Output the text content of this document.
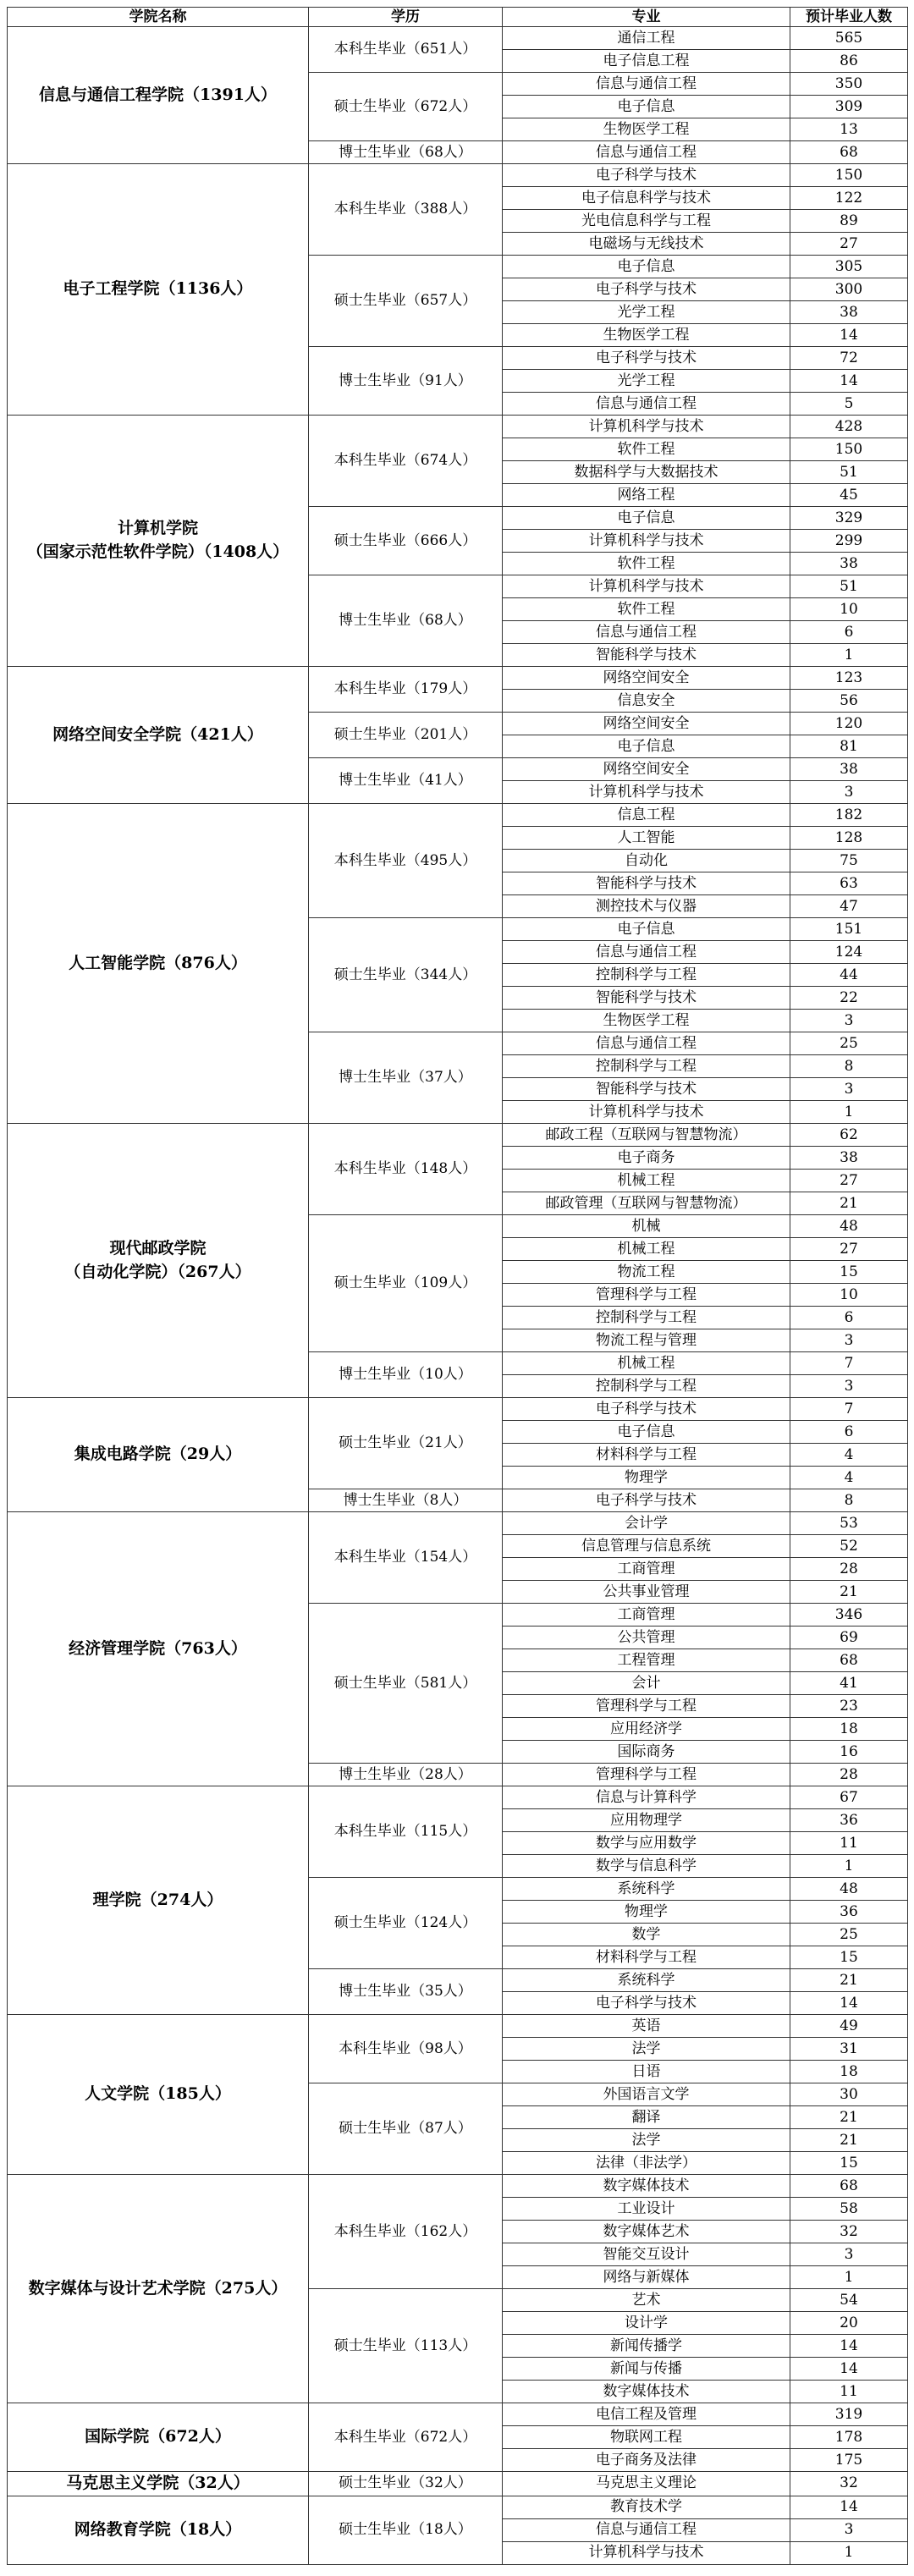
学院名称	学历	专业	预计毕业人数
信息与通信工程学院（1391人）	本科生毕业（651人）	通信工程	565
		电子信息工程	86
	硕士生毕业（672人）	信息与通信工程	350
		电子信息	309
		生物医学工程	13
	博士生毕业（68人）	信息与通信工程	68
电子工程学院（1136人）	本科生毕业（388人）	电子科学与技术	150
		电子信息科学与技术	122
		光电信息科学与工程	89
		电磁场与无线技术	27
	硕士生毕业（657人）	电子信息	305
		电子科学与技术	300
		光学工程	38
		生物医学工程	14
	博士生毕业（91人）	电子科学与技术	72
		光学工程	14
		信息与通信工程	5
计算机学院
（国家示范性软件学院）（1408人）	本科生毕业（674人）	计算机科学与技术	428
		软件工程	150
		数据科学与大数据技术	51
		网络工程	45
	硕士生毕业（666人）	电子信息	329
		计算机科学与技术	299
		软件工程	38
	博士生毕业（68人）	计算机科学与技术	51
		软件工程	10
		信息与通信工程	6
		智能科学与技术	1
网络空间安全学院（421人）	本科生毕业（179人）	网络空间安全	123
		信息安全	56
	硕士生毕业（201人）	网络空间安全	120
		电子信息	81
	博士生毕业（41人）	网络空间安全	38
		计算机科学与技术	3
人工智能学院（876人）	本科生毕业（495人）	信息工程	182
		人工智能	128
		自动化	75
		智能科学与技术	63
		测控技术与仪器	47
	硕士生毕业（344人）	电子信息	151
		信息与通信工程	124
		控制科学与工程	44
		智能科学与技术	22
		生物医学工程	3
	博士生毕业（37人）	信息与通信工程	25
		控制科学与工程	8
		智能科学与技术	3
		计算机科学与技术	1
现代邮政学院
（自动化学院）（267人）	本科生毕业（148人）	邮政工程（互联网与智慧物流）	62
		电子商务	38
		机械工程	27
		邮政管理（互联网与智慧物流）	21
	硕士生毕业（109人）	机械	48
		机械工程	27
		物流工程	15
		管理科学与工程	10
		控制科学与工程	6
		物流工程与管理	3
	博士生毕业（10人）	机械工程	7
		控制科学与工程	3
集成电路学院（29人）	硕士生毕业（21人）	电子科学与技术	7
		电子信息	6
		材料科学与工程	4
		物理学	4
	博士生毕业（8人）	电子科学与技术	8
经济管理学院（763人）	本科生毕业（154人）	会计学	53
		信息管理与信息系统	52
		工商管理	28
		公共事业管理	21
	硕士生毕业（581人）	工商管理	346
		公共管理	69
		工程管理	68
		会计	41
		管理科学与工程	23
		应用经济学	18
		国际商务	16
	博士生毕业（28人）	管理科学与工程	28
理学院（274人）	本科生毕业（115人）	信息与计算科学	67
		应用物理学	36
		数学与应用数学	11
		数学与信息科学	1
	硕士生毕业（124人）	系统科学	48
		物理学	36
		数学	25
		材料科学与工程	15
	博士生毕业（35人）	系统科学	21
		电子科学与技术	14
人文学院（185人）	本科生毕业（98人）	英语	49
		法学	31
		日语	18
	硕士生毕业（87人）	外国语言文学	30
		翻译	21
		法学	21
		法律（非法学）	15
数字媒体与设计艺术学院（275人）	本科生毕业（162人）	数字媒体技术	68
		工业设计	58
		数字媒体艺术	32
		智能交互设计	3
		网络与新媒体	1
	硕士生毕业（113人）	艺术	54
		设计学	20
		新闻传播学	14
		新闻与传播	14
		数字媒体技术	11
国际学院（672人）	本科生毕业（672人）	电信工程及管理	319
		物联网工程	178
		电子商务及法律	175
马克思主义学院（32人）	硕士生毕业（32人）	马克思主义理论	32
网络教育学院（18人）	硕士生毕业（18人）	教育技术学	14
		信息与通信工程	3
		计算机科学与技术	1
